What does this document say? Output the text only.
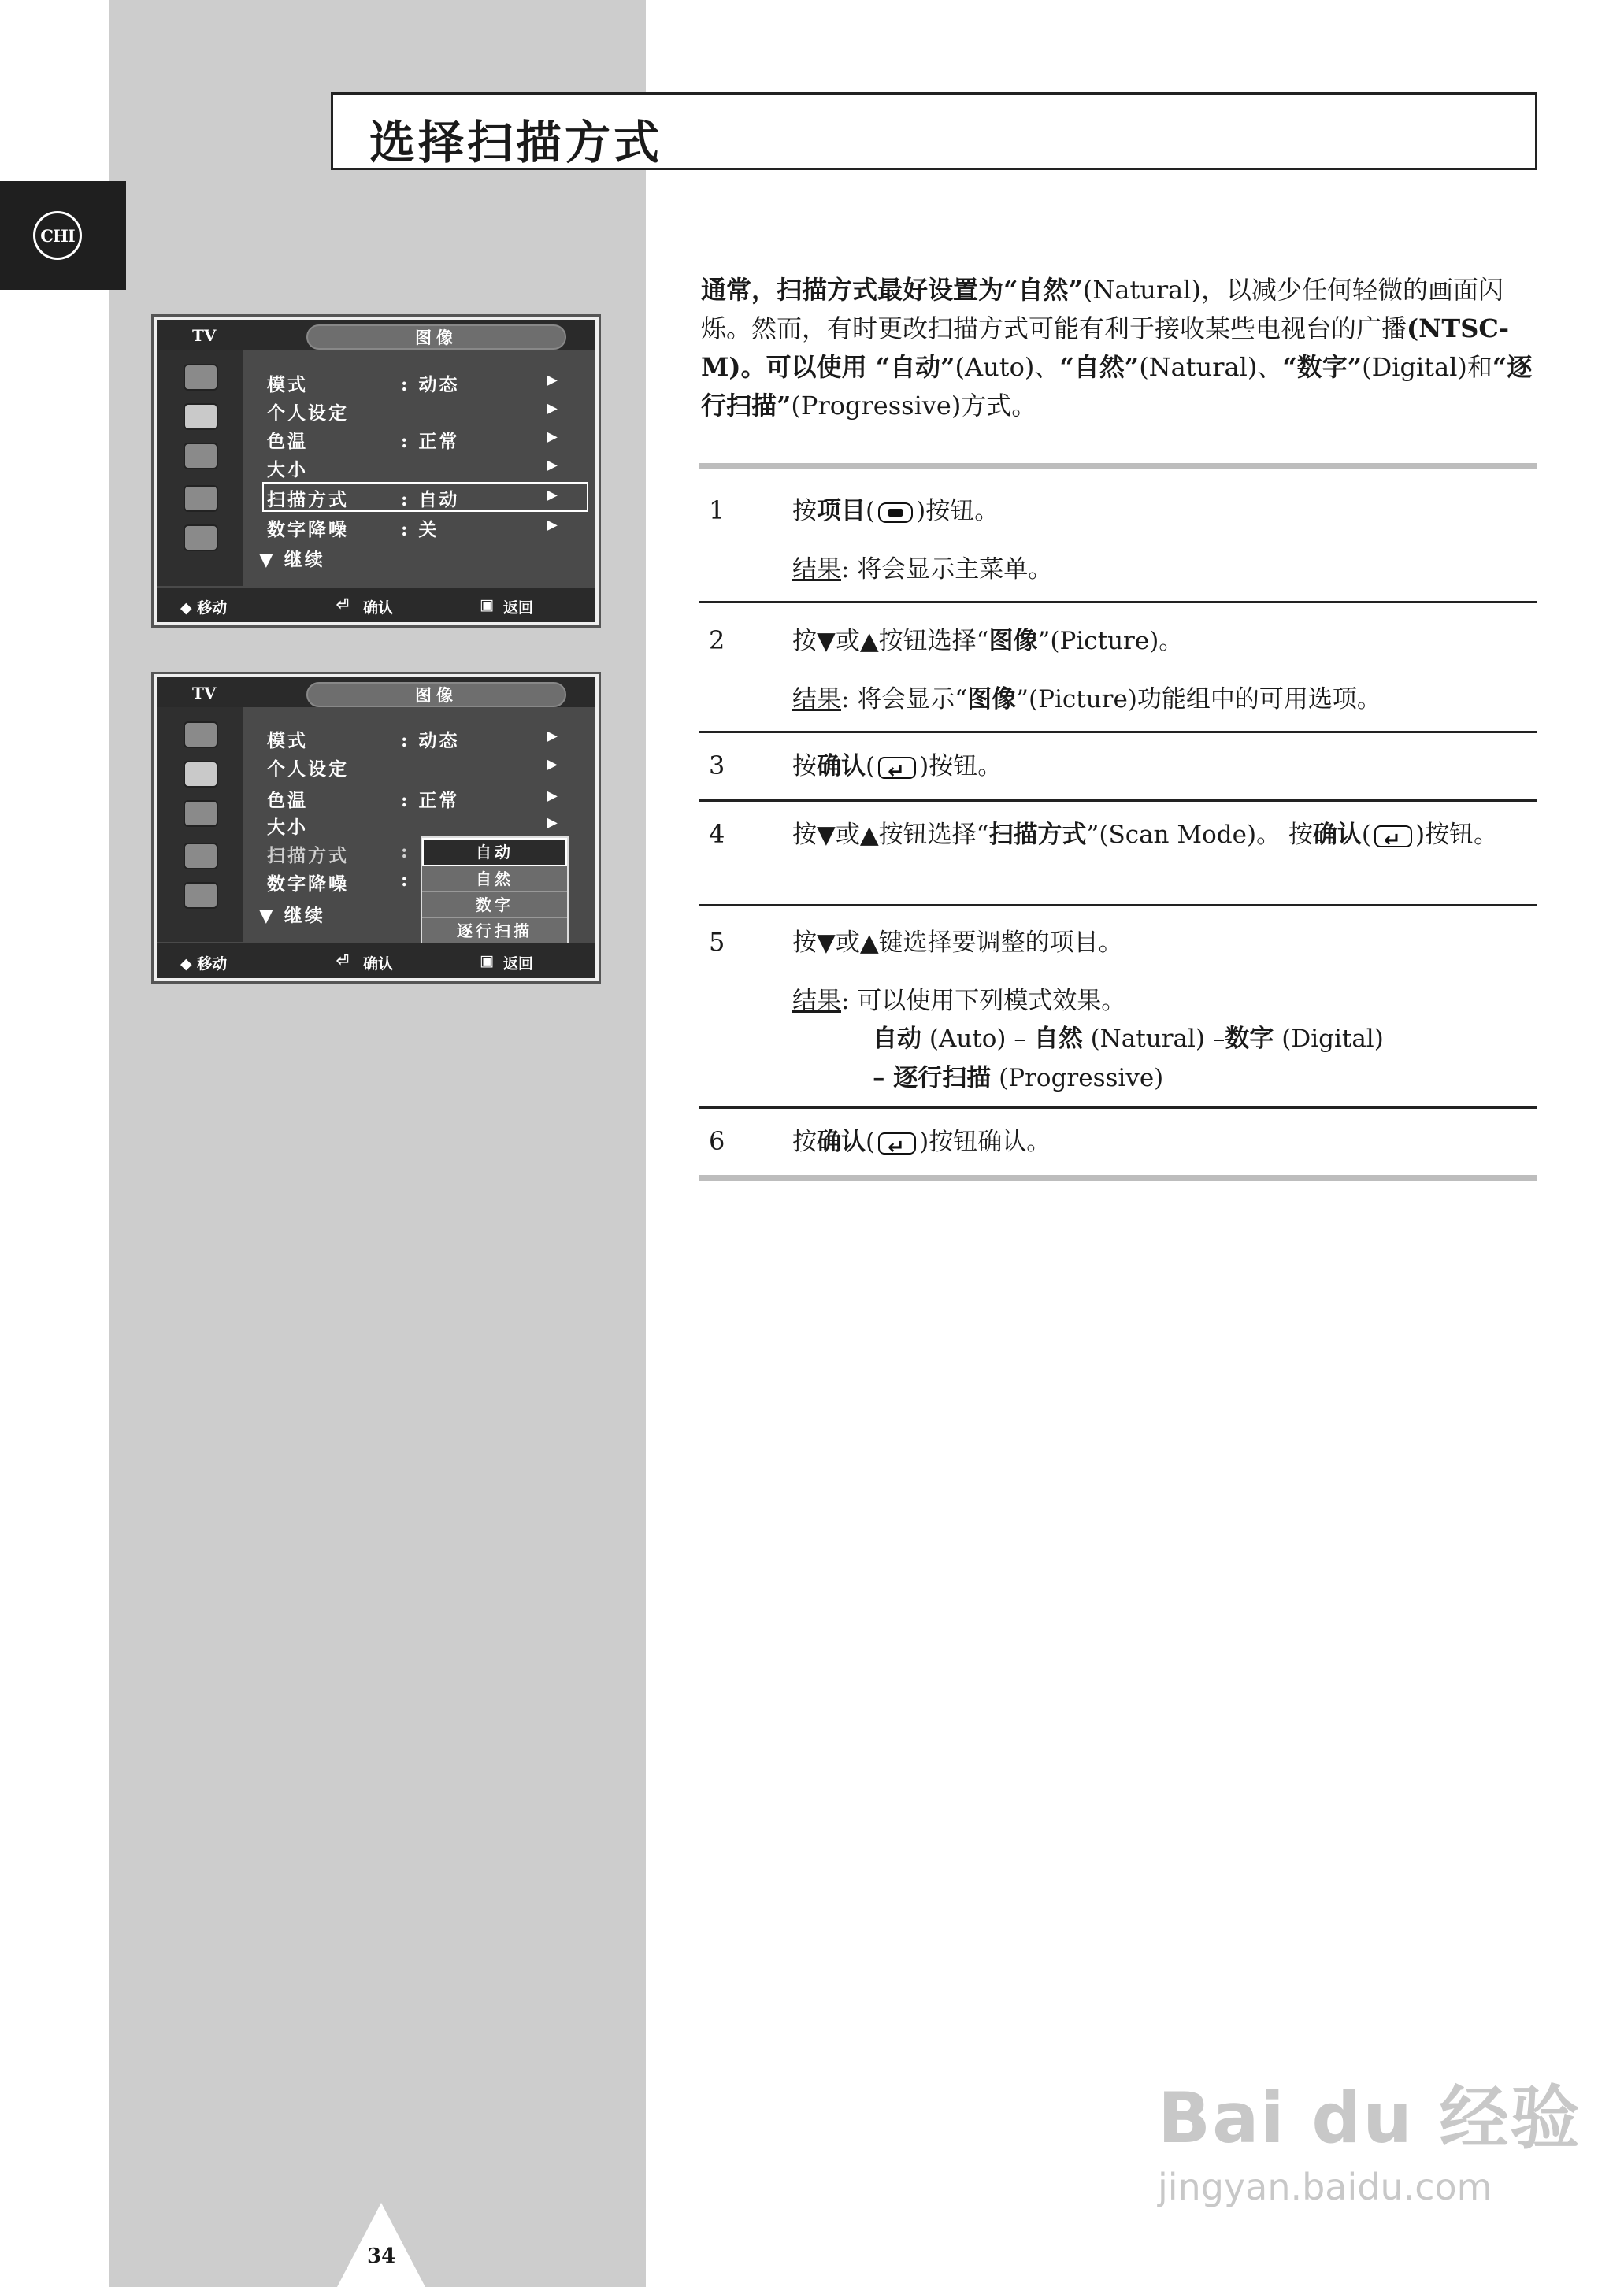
CHI
选择扫描方式
TV	图像
模式	: 动态	▶
个人设定	▶
色温	: 正常	▶
大小	▶
扫描方式	: 自动	▶
数字降噪	: 关	▶
▼ 继续
◆ 移动	⏎ 确认	▣ 返回
TV	图像
模式	: 动态	▶
个人设定	▶
色温	: 正常	▶
大小	▶
扫描方式	:
数字降噪	:
▼ 继续
自动
自然
数字
逐行扫描
◆ 移动	⏎ 确认	▣ 返回
通常，扫描方式最好设置为“自然”(Natural)，以减少任何轻微的画面闪烁。然而，有时更改扫描方式可能有利于接收某些电视台的广播(NTSC-M)。可以使用 “自动”(Auto)、“自然”(Natural)、“数字”(Digital)和“逐行扫描”(Progressive)方式。
1	按项目( )按钮。
结果: 将会显示主菜单。
2	按▼或▲按钮选择“图像”(Picture)。
结果: 将会显示“图像”(Picture)功能组中的可用选项。
3	按确认( ↵ )按钮。
4	按▼或▲按钮选择“扫描方式”(Scan Mode)。 按确认( ↵ )按钮。
5	按▼或▲键选择要调整的项目。
结果: 可以使用下列模式效果。
自动 (Auto) – 自然 (Natural) –数字 (Digital)
– 逐行扫描 (Progressive)
6	按确认( ↵ )按钮确认。
34
Bai du 经验
jingyan.baidu.com
